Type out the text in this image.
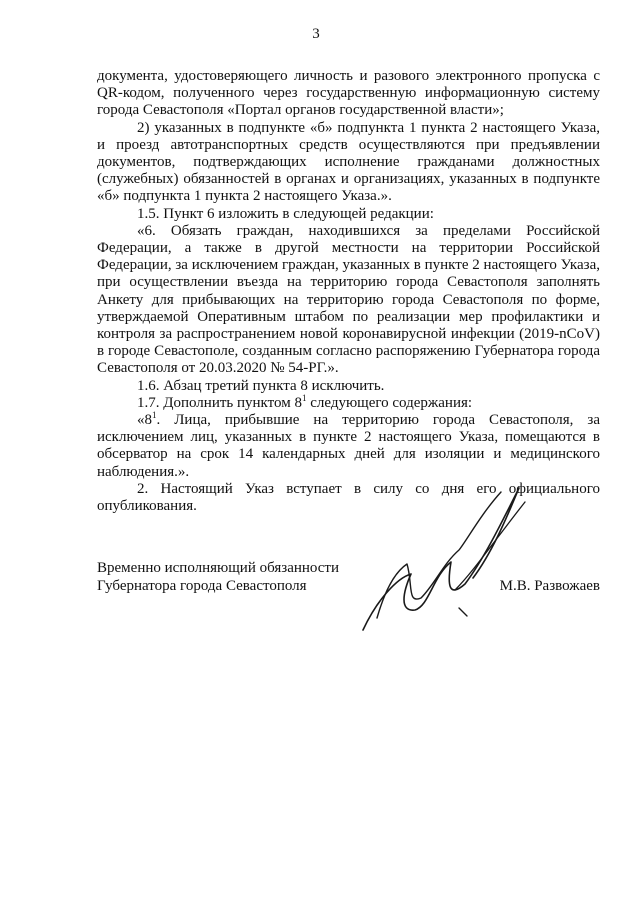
3

документа, удостоверяющего личность и разового электронного пропуска с QR-кодом, полученного через государственную информационную систему города Севастополя «Портал органов государственной власти»;

2) указанных в подпункте «б» подпункта 1 пункта 2 настоящего Указа, и проезд автотранспортных средств осуществляются при предъявлении документов, подтверждающих исполнение гражданами должностных (служебных) обязанностей в органах и организациях, указанных в подпункте «б» подпункта 1 пункта 2 настоящего Указа.».

1.5. Пункт 6 изложить в следующей редакции:

«6. Обязать граждан, находившихся за пределами Российской Федерации, а также в другой местности на территории Российской Федерации, за исключением граждан, указанных в пункте 2 настоящего Указа, при осуществлении въезда на территорию города Севастополя заполнять Анкету для прибывающих на территорию города Севастополя по форме, утверждаемой Оперативным штабом по реализации мер профилактики и контроля за распространением новой коронавирусной инфекции (2019-nCoV) в городе Севастополе, созданным согласно распоряжению Губернатора города Севастополя от 20.03.2020 № 54-РГ.».

1.6. Абзац третий пункта 8 исключить.

1.7. Дополнить пунктом $8^1$ следующего содержания:

«$8^1$. Лица, прибывшие на территорию города Севастополя, за исключением лиц, указанных в пункте 2 настоящего Указа, помещаются в обсерватор на срок 14 календарных дней для изоляции и медицинского наблюдения.».

2. Настоящий Указ вступает в силу со дня его официального опубликования.

Временно исполняющий обязанности
Губернатора города Севастополя	М.В. Развожаев
